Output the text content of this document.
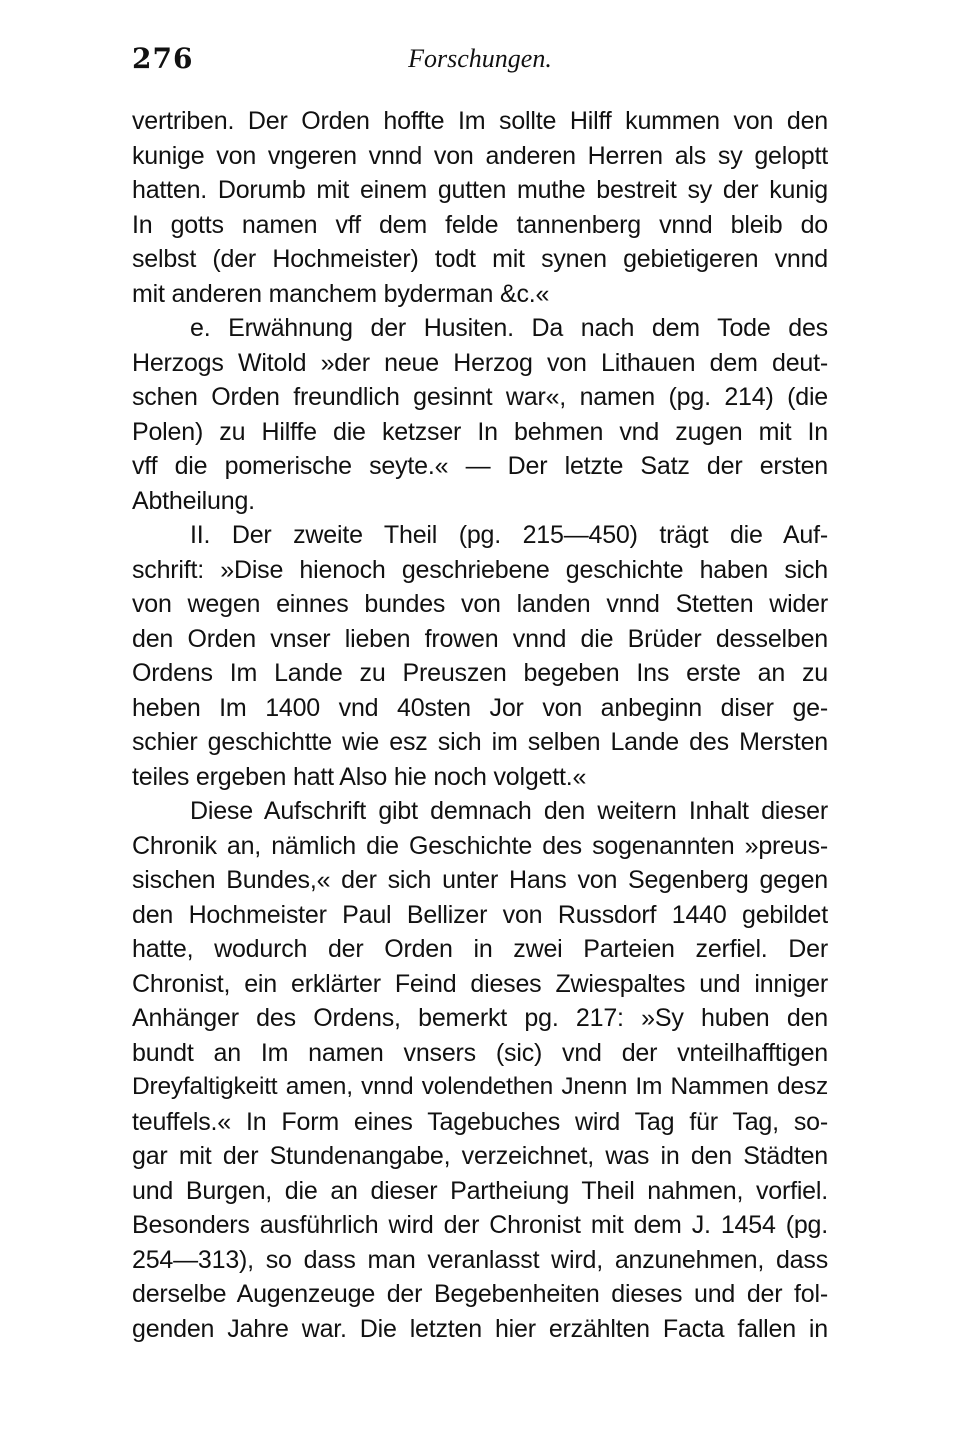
276	Forschungen.
vertriben. Der Orden hoffte Im sollte Hilff kummen von den
kunige von vngeren vnnd von anderen Herren als sy geloptt
hatten. Dorumb mit einem gutten muthe bestreit sy der kunig
In gotts namen vff dem felde tannenberg vnnd bleib do
selbst (der Hochmeister) todt mit synen gebietigeren vnnd
mit anderen manchem byderman &c.«
e. Erwähnung der Husiten. Da nach dem Tode des
Herzogs Witold »der neue Herzog von Lithauen dem deut-
schen Orden freundlich gesinnt war«, namen (pg. 214) (die
Polen) zu Hilffe die ketzser In behmen vnd zugen mit In
vff die pomerische seyte.« — Der letzte Satz der ersten
Abtheilung.
II. Der zweite Theil (pg. 215—450) trägt die Auf-
schrift: »Dise hienoch geschriebene geschichte haben sich
von wegen einnes bundes von landen vnnd Stetten wider
den Orden vnser lieben frowen vnnd die Brüder desselben
Ordens Im Lande zu Preuszen begeben Ins erste an zu
heben Im 1400 vnd 40sten Jor von anbeginn diser ge-
schier geschichtte wie esz sich im selben Lande des Mersten
teiles ergeben hatt Also hie noch volgett.«
Diese Aufschrift gibt demnach den weitern Inhalt dieser
Chronik an, nämlich die Geschichte des sogenannten »preus-
sischen Bundes,« der sich unter Hans von Segenberg gegen
den Hochmeister Paul Bellizer von Russdorf 1440 gebildet
hatte, wodurch der Orden in zwei Parteien zerfiel. Der
Chronist, ein erklärter Feind dieses Zwiespaltes und inniger
Anhänger des Ordens, bemerkt pg. 217: »Sy huben den
bundt an Im namen vnsers (sic) vnd der vnteilhafftigen
Dreyfaltigkeitt amen, vnnd volendethen Jnenn Im Nammen desz
teuffels.« In Form eines Tagebuches wird Tag für Tag, so-
gar mit der Stundenangabe, verzeichnet, was in den Städten
und Burgen, die an dieser Partheiung Theil nahmen, vorfiel.
Besonders ausführlich wird der Chronist mit dem J. 1454 (pg.
254—313), so dass man veranlasst wird, anzunehmen, dass
derselbe Augenzeuge der Begebenheiten dieses und der fol-
genden Jahre war. Die letzten hier erzählten Facta fallen in
